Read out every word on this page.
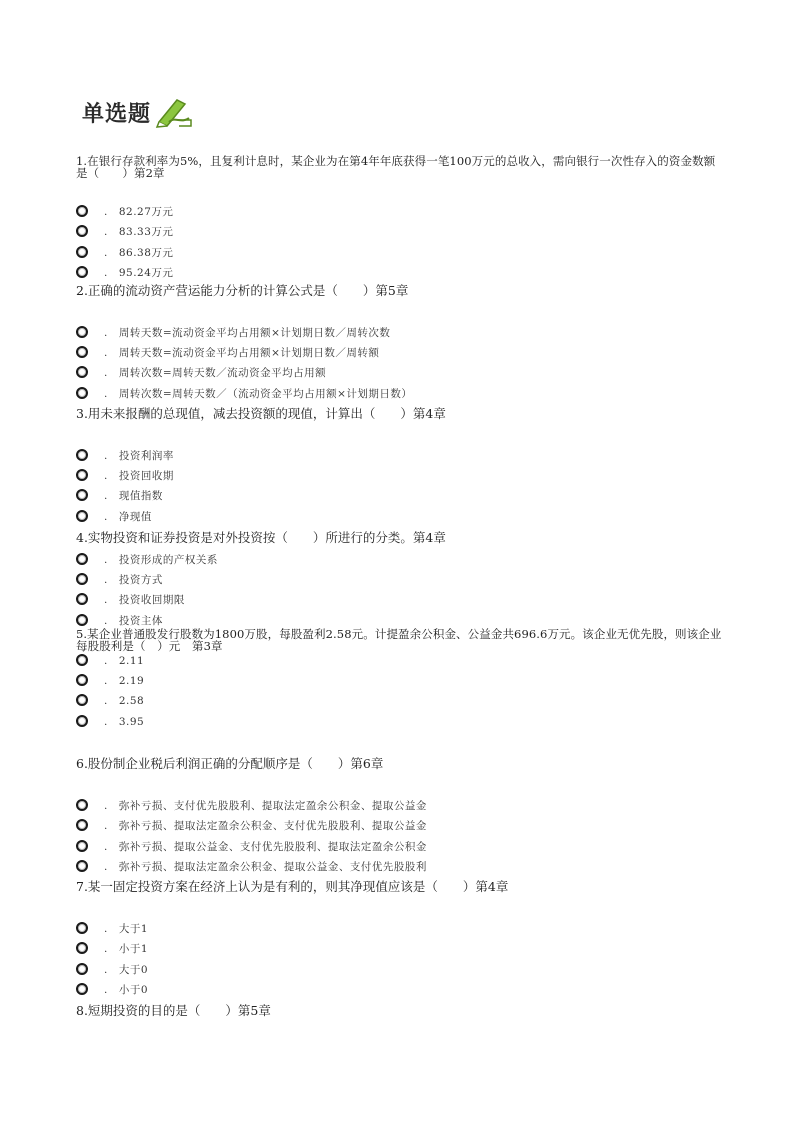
单选题
1.在银行存款利率为5%，且复利计息时，某企业为在第4年年底获得一笔100万元的总收入，需向银行一次性存入的资金数额是（　　）第2章
.　82.27万元
.　83.33万元
.　86.38万元
.　95.24万元
2.正确的流动资产营运能力分析的计算公式是（　　）第5章
.　周转天数=流动资金平均占用额×计划期日数／周转次数
.　周转天数=流动资金平均占用额×计划期日数／周转额
.　周转次数=周转天数／流动资金平均占用额
.　周转次数=周转天数／（流动资金平均占用额×计划期日数）
3.用未来报酬的总现值，减去投资额的现值，计算出（　　）第4章
.　投资利润率
.　投资回收期
.　现值指数
.　净现值
4.实物投资和证券投资是对外投资按（　　）所进行的分类。第4章
.　投资形成的产权关系
.　投资方式
.　投资收回期限
.　投资主体
5.某企业普通股发行股数为1800万股，每股盈利2.58元。计提盈余公积金、公益金共696.6万元。该企业无优先股，则该企业每股股利是（　）元　第3章
.　2.11
.　2.19
.　2.58
.　3.95
6.股份制企业税后利润正确的分配顺序是（　　）第6章
.　弥补亏损、支付优先股股利、提取法定盈余公积金、提取公益金
.　弥补亏损、提取法定盈余公积金、支付优先股股利、提取公益金
.　弥补亏损、提取公益金、支付优先股股利、提取法定盈余公积金
.　弥补亏损、提取法定盈余公积金、提取公益金、支付优先股股利
7.某一固定投资方案在经济上认为是有利的，则其净现值应该是（　　）第4章
.　大于1
.　小于1
.　大于0
.　小于0
8.短期投资的目的是（　　）第5章
